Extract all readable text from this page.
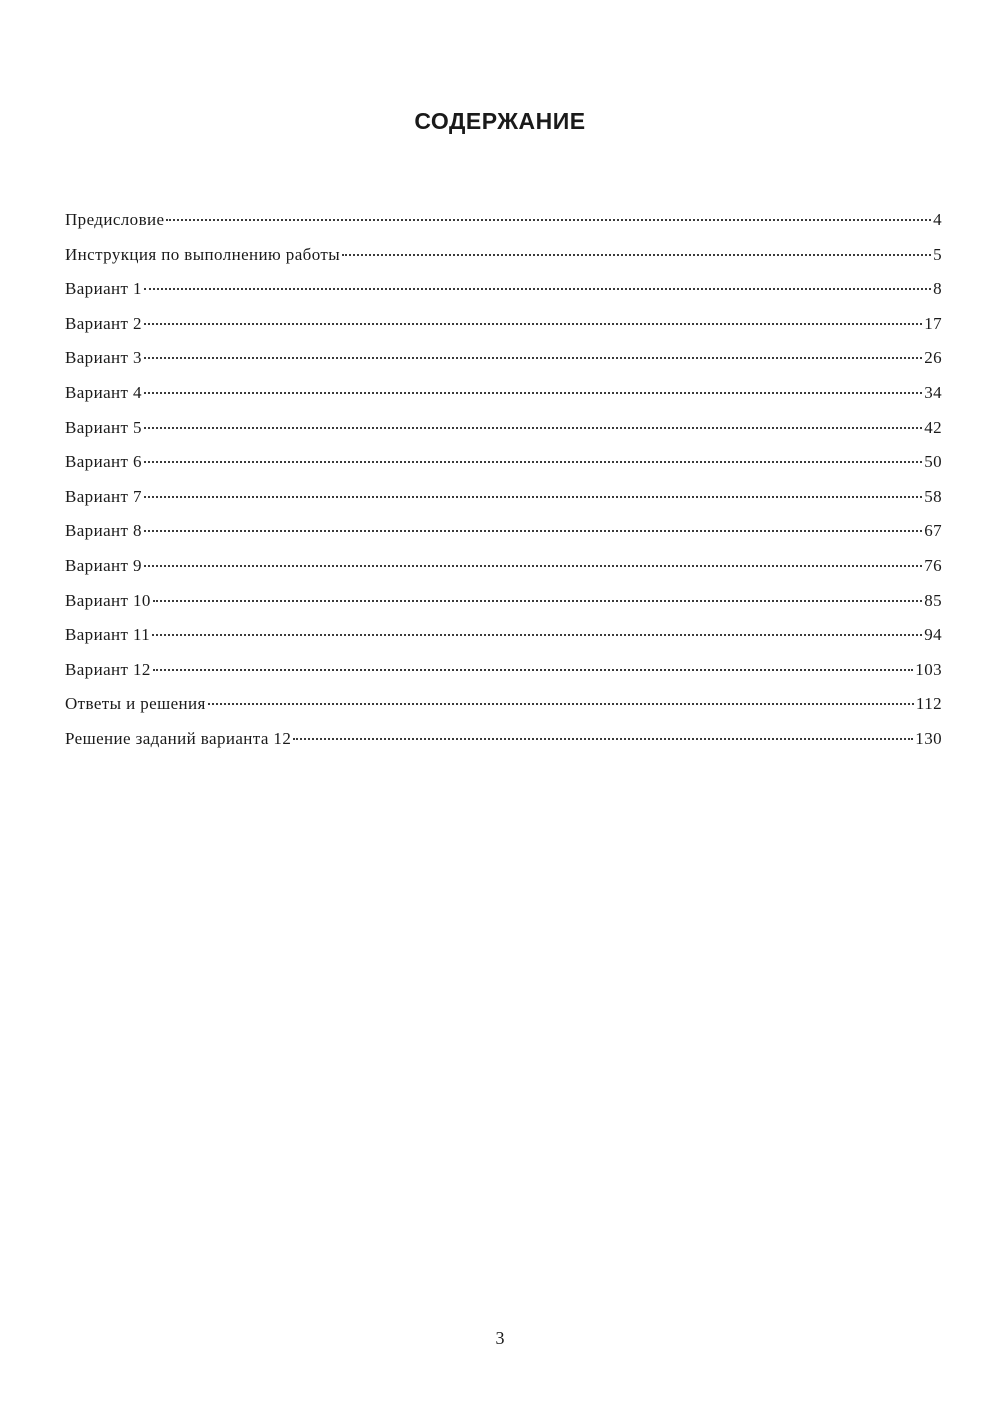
СОДЕРЖАНИЕ
Предисловие	4
Инструкция по выполнению работы	5
Вариант 1	8
Вариант 2	17
Вариант 3	26
Вариант 4	34
Вариант 5	42
Вариант 6	50
Вариант 7	58
Вариант 8	67
Вариант 9	76
Вариант 10	85
Вариант 11	94
Вариант 12	103
Ответы и решения	112
Решение заданий варианта 12	130

3
